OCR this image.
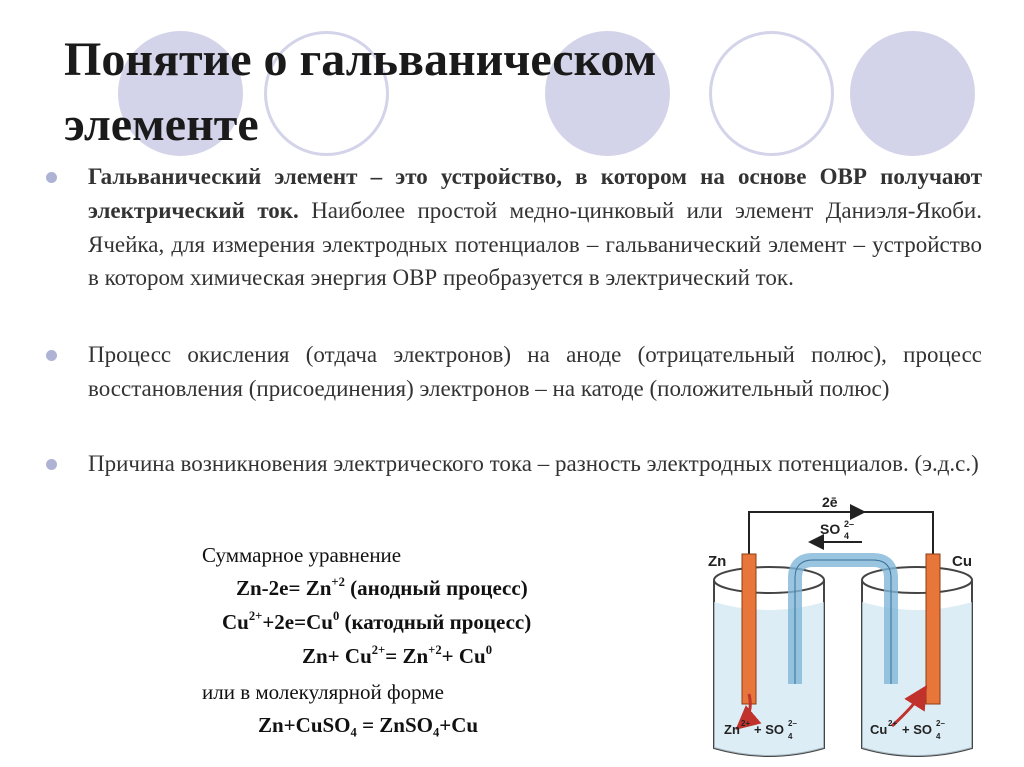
Понятие о гальваническом элементе
Гальванический элемент – это устройство, в котором на основе ОВР получают электрический ток. Наиболее простой медно-цинковый или элемент Даниэля-Якоби. Ячейка, для измерения электродных потенциалов – гальванический элемент – устройство в котором химическая энергия ОВР преобразуется в электрический ток.
Процесс окисления (отдача электронов) на аноде (отрицательный полюс), процесс восстановления (присоединения) электронов – на катоде (положительный полюс)
Причина возникновения электрического тока – разность электродных потенциалов. (э.д.с.)
Суммарное уравнение
$Zn-2e= Zn^{+2}$ (анодный процесс)
$Cu^{2+}+2e=Cu^0$ (катодный процесс)
$Zn+ Cu^{2+}= Zn^{+2}+ Cu^0$
или в молекулярной форме
Zn+CuSO$_4$ = ZnSO$_4$+Cu
2ē
SO 4
2–
Zn	Cu
Zn 2+ + SO 4
2–	Cu 2+ + SO 4
2–
